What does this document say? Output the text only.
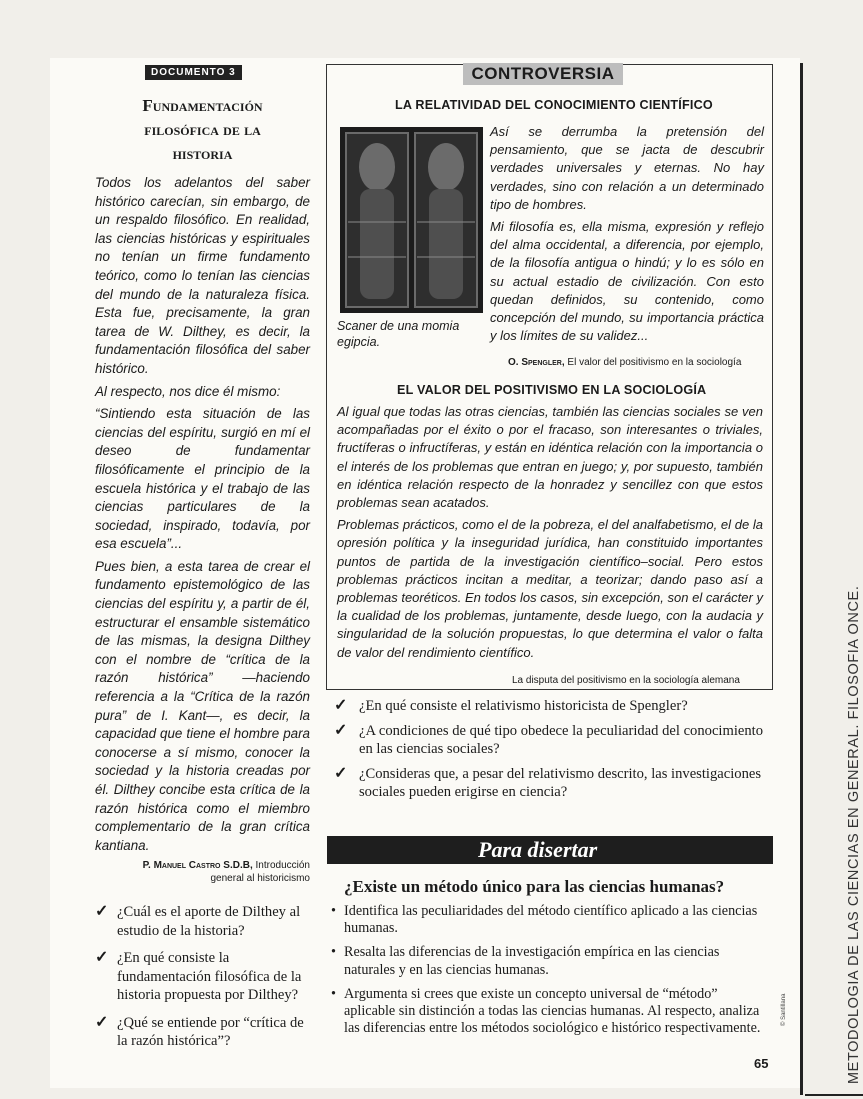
METODOLOGIA DE LAS CIENCIAS EN GENERAL. FILOSOFIA ONCE.
DOCUMENTO 3
Fundamentación
filosófica de la
historia

Todos los adelantos del saber histórico carecían, sin embargo, de un respaldo filosófico. En realidad, las ciencias históricas y espirituales no tenían un firme fundamento teórico, como lo tenían las ciencias del mundo de la naturaleza física. Esta fue, precisamente, la gran tarea de W. Dilthey, es decir, la fundamentación filosófica del saber histórico.

Al respecto, nos dice él mismo:

“Sintiendo esta situación de las ciencias del espíritu, surgió en mí el deseo de fundamentar filosóficamente el principio de la escuela histórica y el trabajo de las ciencias particulares de la sociedad, inspirado, todavía, por esa escuela”...

Pues bien, a esta tarea de crear el fundamento epistemológico de las ciencias del espíritu y, a partir de él, estructurar el ensamble sistemático de las mismas, la designa Dilthey con el nombre de “crítica de la razón histórica” —haciendo referencia a la “Crítica de la razón pura” de I. Kant—, es decir, la capacidad que tiene el hombre para conocerse a sí mismo, conocer la sociedad y la historia creadas por él. Dilthey concibe esta crítica de la razón histórica como el miembro complementario de la gran crítica kantiana.

P. Manuel Castro S.D.B, Introducción
general al historicismo
✓ ¿Cuál es el aporte de Dilthey al estudio de la historia?
✓ ¿En qué consiste la fundamentación filosófica de la historia propuesta por Dilthey?
✓ ¿Qué se entiende por “crítica de la razón histórica”?
CONTROVERSIA
LA RELATIVIDAD DEL CONOCIMIENTO CIENTÍFICO
Scaner de una momia egipcia.

Así se derrumba la pretensión del pensamiento, que se jacta de descubrir verdades universales y eternas. No hay verdades, sino con relación a un determinado tipo de hombres.

Mi filosofía es, ella misma, expresión y reflejo del alma occidental, a diferencia, por ejemplo, de la filosofía antigua o hindú; y lo es sólo en su actual estadio de civilización. Con esto quedan definidos, su contenido, como concepción del mundo, su importancia práctica y los límites de su validez...

O. Spengler, El valor del positivismo en la sociología
EL VALOR DEL POSITIVISMO EN LA SOCIOLOGÍA

Al igual que todas las otras ciencias, también las ciencias sociales se ven acompañadas por el éxito o por el fracaso, son interesantes o triviales, fructíferas o infructíferas, y están en idéntica relación con la importancia o el interés de los problemas que entran en juego; y, por supuesto, también en idéntica relación respecto de la honradez y sencillez con que estos problemas sean acatados.

Problemas prácticos, como el de la pobreza, el del analfabetismo, el de la opresión política y la inseguridad jurídica, han constituido importantes puntos de partida de la investigación científico–social. Pero estos problemas prácticos incitan a meditar, a teorizar; dando paso así a problemas teoréticos. En todos los casos, sin excepción, son el carácter y la cualidad de los problemas, juntamente, desde luego, con la audacia y singularidad de la solución propuestas, lo que determina el valor o falta de valor del rendimiento científico.

La disputa del positivismo en la sociología alemana
✓ ¿En qué consiste el relativismo historicista de Spengler?
✓ ¿A condiciones de qué tipo obedece la peculiaridad del conocimiento en las ciencias sociales?
✓ ¿Consideras que, a pesar del relativismo descrito, las investigaciones sociales pueden erigirse en ciencia?
Para disertar
¿Existe un método único para las ciencias humanas?
• Identifica las peculiaridades del método científico aplicado a las ciencias humanas.
• Resalta las diferencias de la investigación empírica en las ciencias naturales y en las ciencias humanas.
• Argumenta si crees que existe un concepto universal de “método” aplicable sin distinción a todas las ciencias humanas. Al respecto, analiza las diferencias entre los métodos sociológico e histórico respectivamente.
© Santillana
65
